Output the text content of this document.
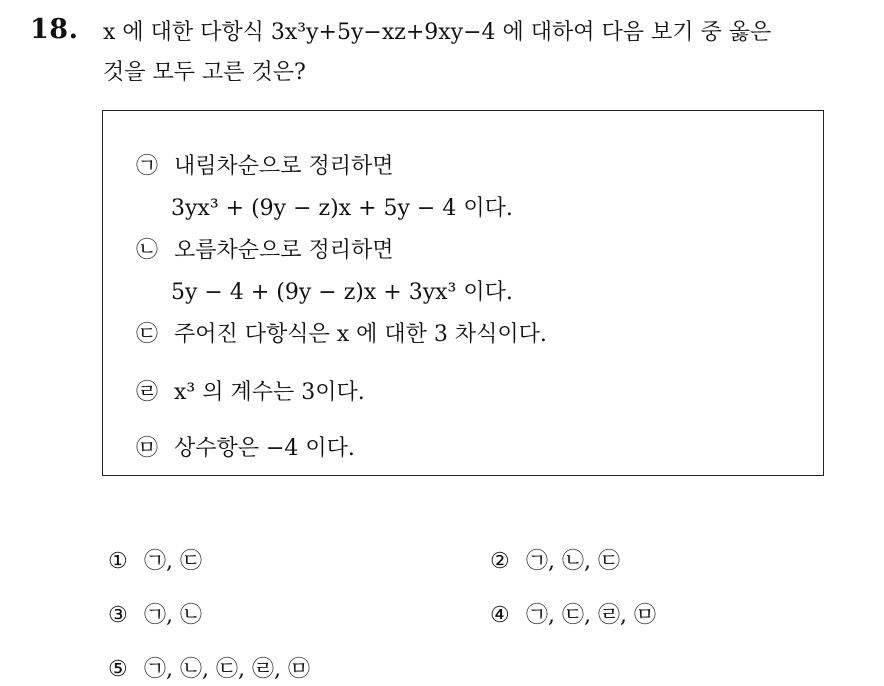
18. x 에 대한 다항식 3x³y+5y−xz+9xy−4 에 대하여 다음 보기 중 옳은
것을 모두 고른 것은?
㉠ 내림차순으로 정리하면
3yx³ + (9y − z)x + 5y − 4 이다.
㉡ 오름차순으로 정리하면
5y − 4 + (9y − z)x + 3yx³ 이다.
㉢ 주어진 다항식은 x 에 대한 3 차식이다.
㉣ x³ 의 계수는 3이다.
㉤ 상수항은 −4 이다.
① ㉠, ㉢	② ㉠, ㉡, ㉢
③ ㉠, ㉡	④ ㉠, ㉢, ㉣, ㉤
⑤ ㉠, ㉡, ㉢, ㉣, ㉤
